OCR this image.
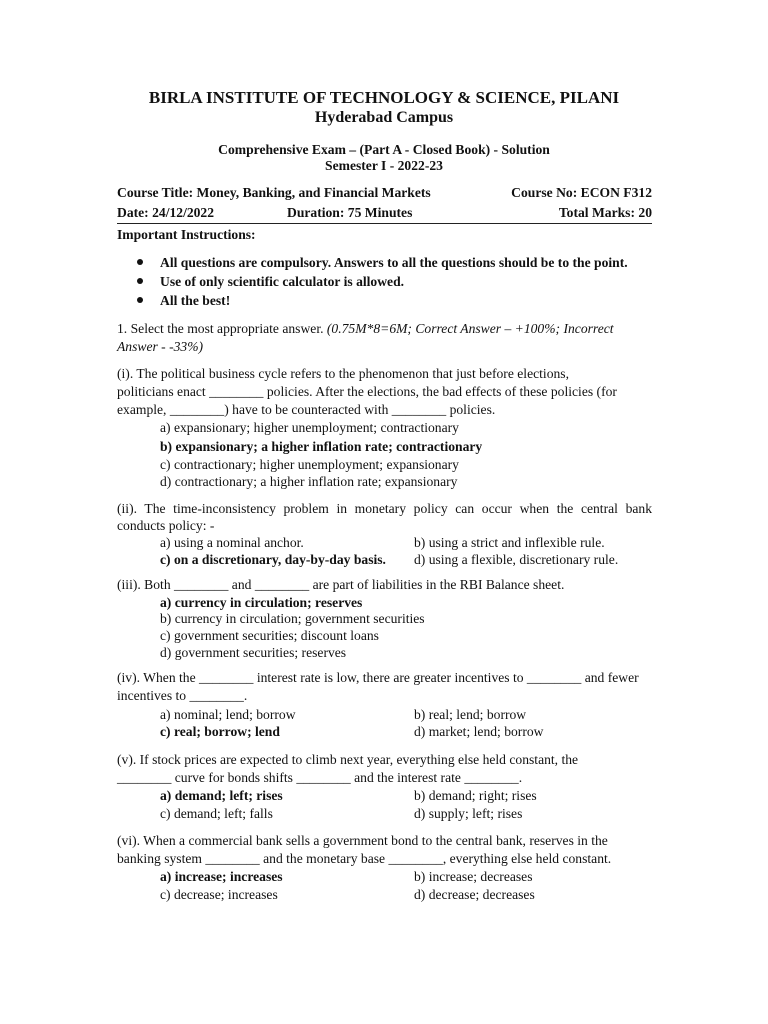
BIRLA INSTITUTE OF TECHNOLOGY & SCIENCE, PILANI
Hyderabad Campus
Comprehensive Exam – (Part A - Closed Book) - Solution
Semester I - 2022-23
Course Title: Money, Banking, and Financial Markets	Course No: ECON F312
Date: 24/12/2022	Duration: 75 Minutes	Total Marks: 20
Important Instructions:
All questions are compulsory. Answers to all the questions should be to the point.
Use of only scientific calculator is allowed.
All the best!
1. Select the most appropriate answer. (0.75M*8=6M; Correct Answer – +100%; Incorrect
Answer - -33%)
(i). The political business cycle refers to the phenomenon that just before elections,
politicians enact ________ policies. After the elections, the bad effects of these policies (for
example, ________) have to be counteracted with ________ policies.
a) expansionary; higher unemployment; contractionary
b) expansionary; a higher inflation rate; contractionary
c) contractionary; higher unemployment; expansionary
d) contractionary; a higher inflation rate; expansionary
(ii). The time-inconsistency problem in monetary policy can occur when the central bank
conducts policy: -
a) using a nominal anchor.	b) using a strict and inflexible rule.
c) on a discretionary, day-by-day basis. d) using a flexible, discretionary rule.
(iii). Both ________ and ________ are part of liabilities in the RBI Balance sheet.
a) currency in circulation; reserves
b) currency in circulation; government securities
c) government securities; discount loans
d) government securities; reserves
(iv). When the ________ interest rate is low, there are greater incentives to ________ and fewer
incentives to ________.
a) nominal; lend; borrow	b) real; lend; borrow
c) real; borrow; lend	d) market; lend; borrow
(v). If stock prices are expected to climb next year, everything else held constant, the
________ curve for bonds shifts ________ and the interest rate ________.
a) demand; left; rises	b) demand; right; rises
c) demand; left; falls	d) supply; left; rises
(vi). When a commercial bank sells a government bond to the central bank, reserves in the
banking system ________ and the monetary base ________, everything else held constant.
a) increase; increases	b) increase; decreases
c) decrease; increases	d) decrease; decreases
